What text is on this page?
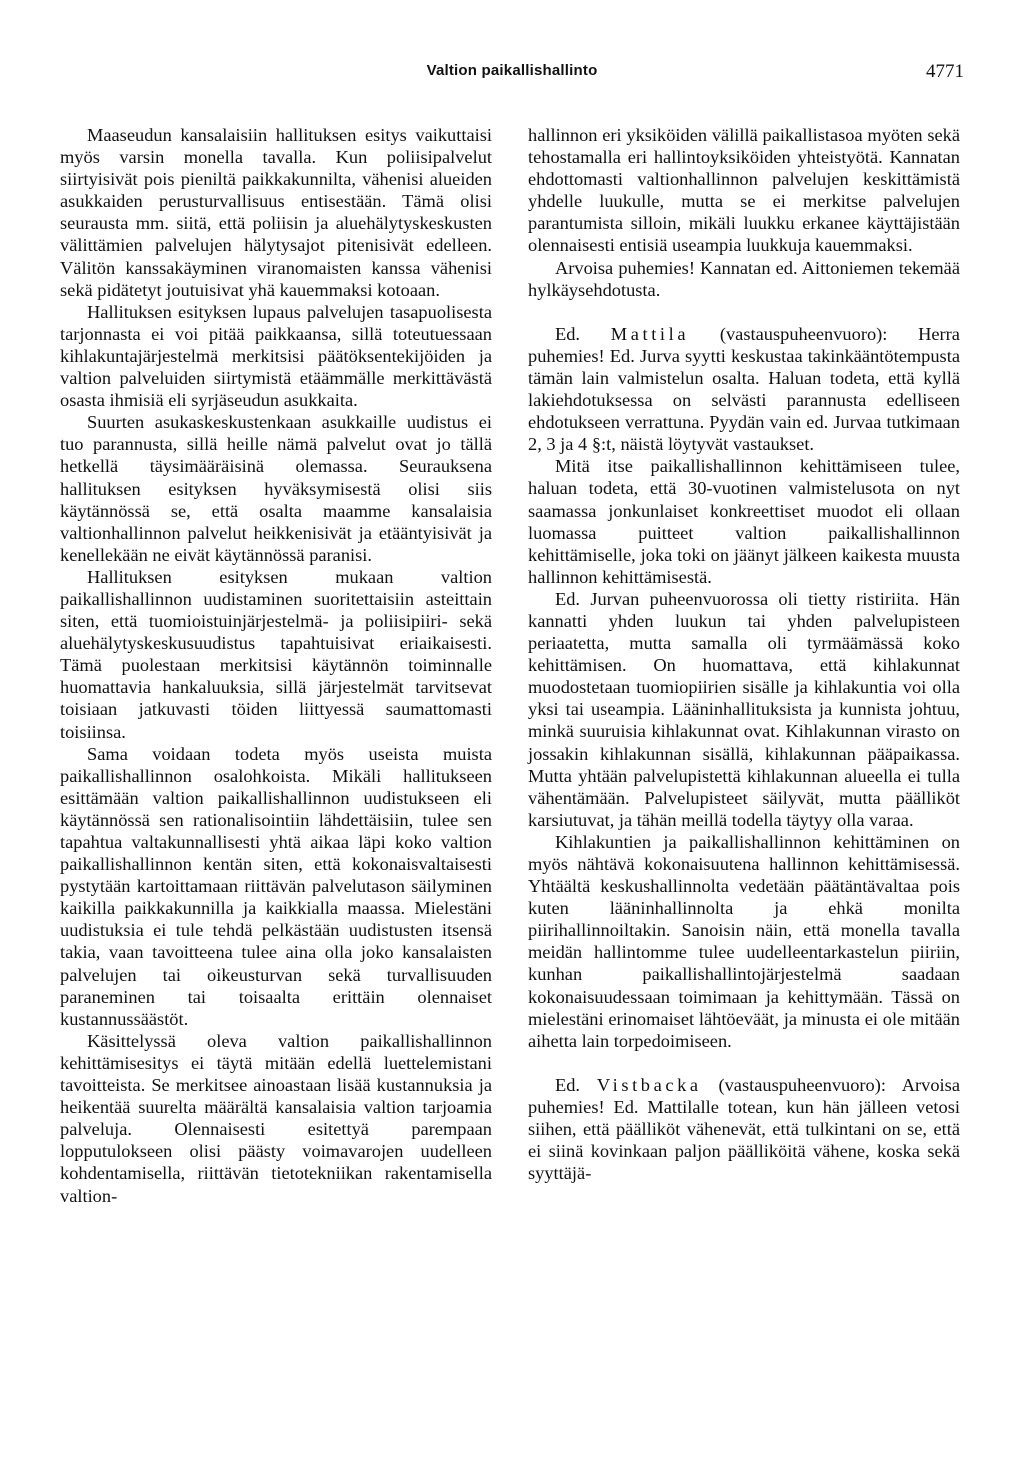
Valtion paikallishallinto	4771

Maaseudun kansalaisiin hallituksen esitys vaikuttaisi myös varsin monella tavalla. Kun poliisipalvelut siirtyisivät pois pieniltä paikkakunnilta, vähenisi alueiden asukkaiden perusturvallisuus entisestään. Tämä olisi seurausta mm. siitä, että poliisin ja aluehälytyskeskusten välittämien palvelujen hälytysajot pitenisivät edelleen. Välitön kanssakäyminen viranomaisten kanssa vähenisi sekä pidätetyt joutuisivat yhä kauemmaksi kotoaan.

Hallituksen esityksen lupaus palvelujen tasapuolisesta tarjonnasta ei voi pitää paikkaansa, sillä toteutuessaan kihlakuntajärjestelmä merkitsisi päätöksentekijöiden ja valtion palveluiden siirtymistä etäämmälle merkittävästä osasta ihmisiä eli syrjäseudun asukkaita.

Suurten asukaskeskustenkaan asukkaille uudistus ei tuo parannusta, sillä heille nämä palvelut ovat jo tällä hetkellä täysimääräisinä olemassa. Seurauksena hallituksen esityksen hyväksymisestä olisi siis käytännössä se, että osalta maamme kansalaisia valtionhallinnon palvelut heikkenisivät ja etääntyisivät ja kenellekään ne eivät käytännössä paranisi.

Hallituksen esityksen mukaan valtion paikallishallinnon uudistaminen suoritettaisiin asteittain siten, että tuomioistuinjärjestelmä- ja poliisipiiri- sekä aluehälytyskeskusuudistus tapahtuisivat eriaikaisesti. Tämä puolestaan merkitsisi käytännön toiminnalle huomattavia hankaluuksia, sillä järjestelmät tarvitsevat toisiaan jatkuvasti töiden liittyessä saumattomasti toisiinsa.

Sama voidaan todeta myös useista muista paikallishallinnon osalohkoista. Mikäli hallitukseen esittämään valtion paikallishallinnon uudistukseen eli käytännössä sen rationalisointiin lähdettäisiin, tulee sen tapahtua valtakunnallisesti yhtä aikaa läpi koko valtion paikallishallinnon kentän siten, että kokonaisvaltaisesti pystytään kartoittamaan riittävän palvelutason säilyminen kaikilla paikkakunnilla ja kaikkialla maassa. Mielestäni uudistuksia ei tule tehdä pelkästään uudistusten itsensä takia, vaan tavoitteena tulee aina olla joko kansalaisten palvelujen tai oikeusturvan sekä turvallisuuden paraneminen tai toisaalta erittäin olennaiset kustannussäästöt.

Käsittelyssä oleva valtion paikallishallinnon kehittämisesitys ei täytä mitään edellä luettelemistani tavoitteista. Se merkitsee ainoastaan lisää kustannuksia ja heikentää suurelta määrältä kansalaisia valtion tarjoamia palveluja. Olennaisesti esitettyä parempaan lopputulokseen olisi päästy voimavarojen uudelleen kohdentamisella, riittävän tietotekniikan rakentamisella valtion-

hallinnon eri yksiköiden välillä paikallistasoa myöten sekä tehostamalla eri hallintoyksiköiden yhteistyötä. Kannatan ehdottomasti valtionhallinnon palvelujen keskittämistä yhdelle luukulle, mutta se ei merkitse palvelujen parantumista silloin, mikäli luukku erkanee käyttäjistään olennaisesti entisiä useampia luukkuja kauemmaksi.

Arvoisa puhemies! Kannatan ed. Aittoniemen tekemää hylkäysehdotusta.

Ed. Mattila (vastauspuheenvuoro): Herra puhemies! Ed. Jurva syytti keskustaa takinkääntötempusta tämän lain valmistelun osalta. Haluan todeta, että kyllä lakiehdotuksessa on selvästi parannusta edelliseen ehdotukseen verrattuna. Pyydän vain ed. Jurvaa tutkimaan 2, 3 ja 4 §:t, näistä löytyvät vastaukset.

Mitä itse paikallishallinnon kehittämiseen tulee, haluan todeta, että 30-vuotinen valmistelusota on nyt saamassa jonkunlaiset konkreettiset muodot eli ollaan luomassa puitteet valtion paikallishallinnon kehittämiselle, joka toki on jäänyt jälkeen kaikesta muusta hallinnon kehittämisestä.

Ed. Jurvan puheenvuorossa oli tietty ristiriita. Hän kannatti yhden luukun tai yhden palvelupisteen periaatetta, mutta samalla oli tyrmäämässä koko kehittämisen. On huomattava, että kihlakunnat muodostetaan tuomiopiirien sisälle ja kihlakuntia voi olla yksi tai useampia. Lääninhallituksista ja kunnista johtuu, minkä suuruisia kihlakunnat ovat. Kihlakunnan virasto on jossakin kihlakunnan sisällä, kihlakunnan pääpaikassa. Mutta yhtään palvelupistettä kihlakunnan alueella ei tulla vähentämään. Palvelupisteet säilyvät, mutta päälliköt karsiutuvat, ja tähän meillä todella täytyy olla varaa.

Kihlakuntien ja paikallishallinnon kehittäminen on myös nähtävä kokonaisuutena hallinnon kehittämisessä. Yhtäältä keskushallinnolta vedetään päätäntävaltaa pois kuten lääninhallinnolta ja ehkä monilta piirihallinnoiltakin. Sanoisin näin, että monella tavalla meidän hallintomme tulee uudelleentarkastelun piiriin, kunhan paikallishallintojärjestelmä saadaan kokonaisuudessaan toimimaan ja kehittymään. Tässä on mielestäni erinomaiset lähtöeväät, ja minusta ei ole mitään aihetta lain torpedoimiseen.

Ed. Vistbacka (vastauspuheenvuoro): Arvoisa puhemies! Ed. Mattilalle totean, kun hän jälleen vetosi siihen, että päälliköt vähenevät, että tulkintani on se, että ei siinä kovinkaan paljon päälliköitä vähene, koska sekä syyttäjä-
